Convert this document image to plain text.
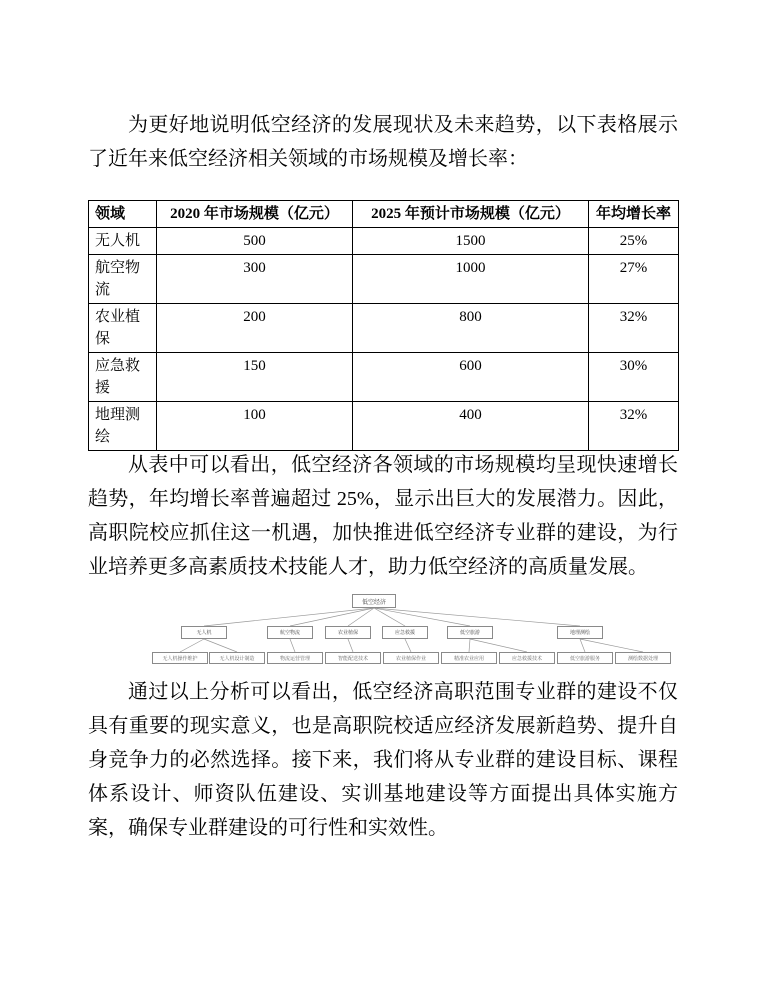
为更好地说明低空经济的发展现状及未来趋势，以下表格展示了近年来低空经济相关领域的市场规模及增长率：

领域	2020 年市场规模（亿元）	2025 年预计市场规模（亿元）	年均增长率
无人机	500	1500	25%
航空物流	300	1000	27%
农业植保	200	800	32%
应急救援	150	600	30%
地理测绘	100	400	32%

从表中可以看出，低空经济各领域的市场规模均呈现快速增长趋势，年均增长率普遍超过 25%，显示出巨大的发展潜力。因此，高职院校应抓住这一机遇，加快推进低空经济专业群的建设，为行业培养更多高素质技术技能人才，助力低空经济的高质量发展。

低空经济
无人机	航空物流	农业植保	应急救援	低空旅游	地理测绘
无人机操作维护	无人机设计制造	物流运营管理	智能配送技术	农业植保作业	精准农业应用	应急救援技术	低空旅游服务	测绘数据处理

通过以上分析可以看出，低空经济高职范围专业群的建设不仅具有重要的现实意义，也是高职院校适应经济发展新趋势、提升自身竞争力的必然选择。接下来，我们将从专业群的建设目标、课程体系设计、师资队伍建设、实训基地建设等方面提出具体实施方案，确保专业群建设的可行性和实效性。
